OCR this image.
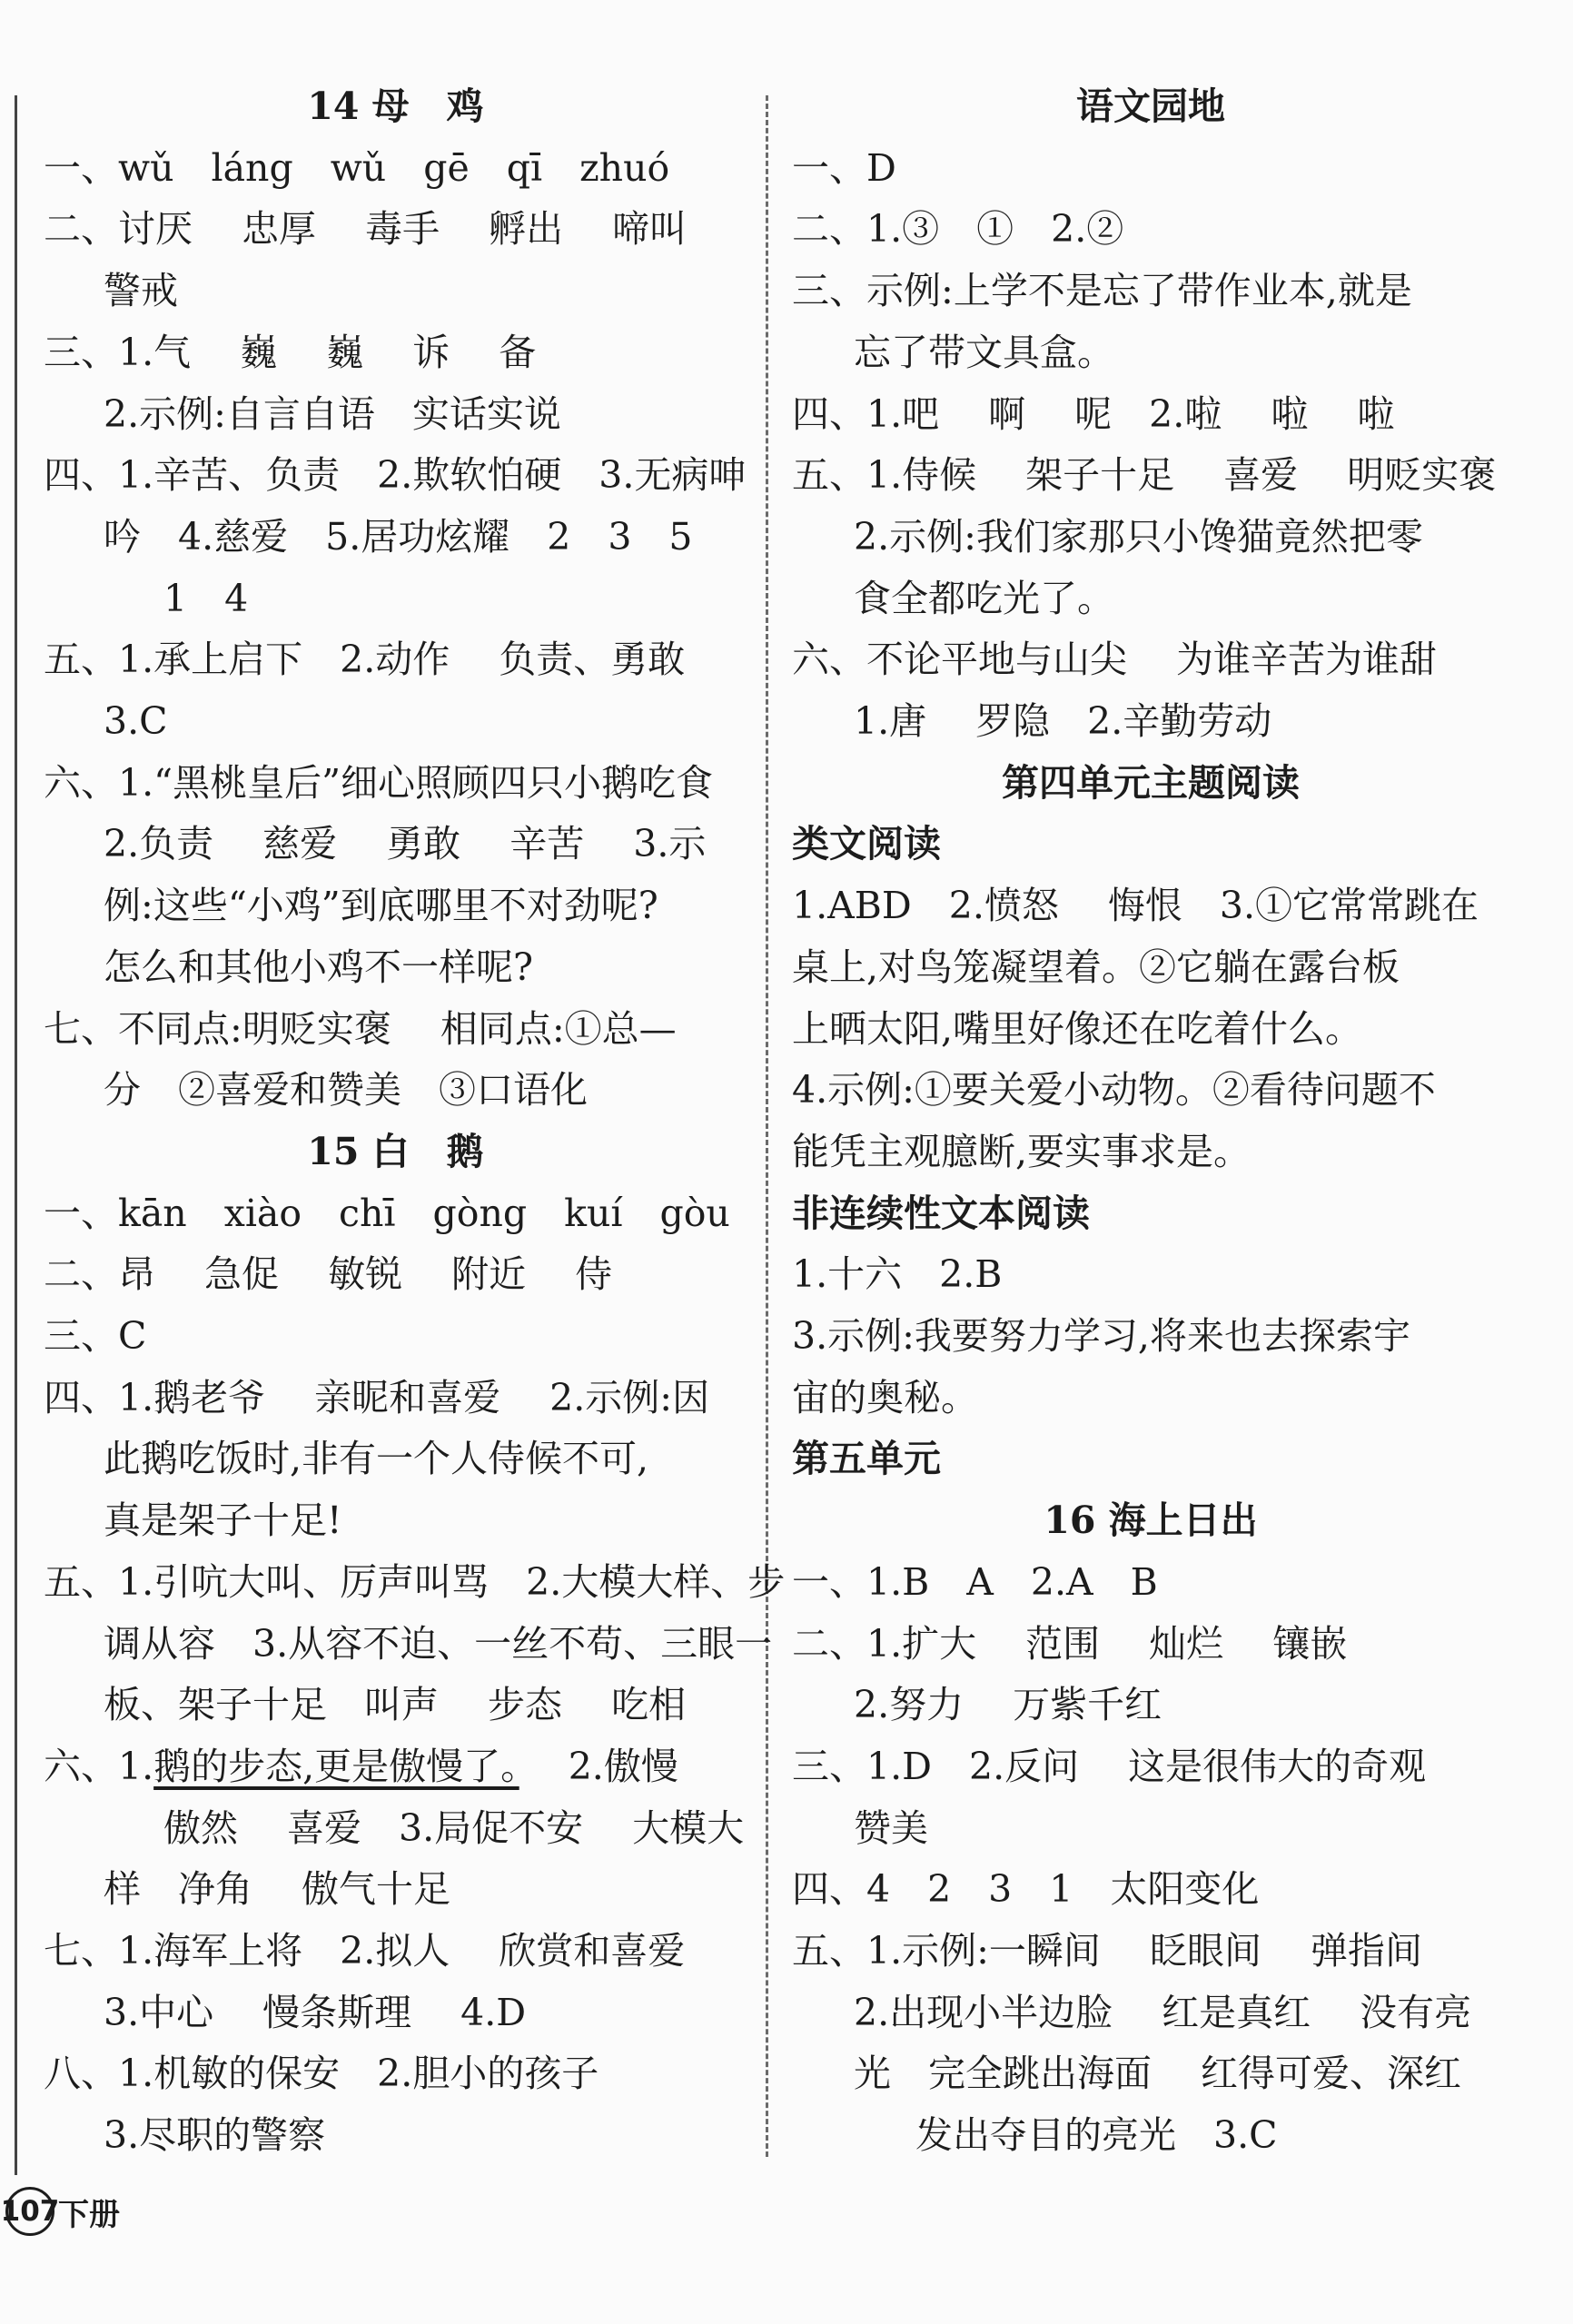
14 母　鸡
一、wǔ　láng　wǔ　gē　qī　zhuó
二、讨厌　 忠厚　 毒手　 孵出　 啼叫
警戒
三、1.气　 巍　 巍　 诉　 备
2.示例:自言自语　实话实说
四、1.辛苦、负责　2.欺软怕硬　3.无病呻
吟　4.慈爱　5.居功炫耀　2　3　5
1　4
五、1.承上启下　2.动作　 负责、勇敢
3.C
六、1.“黑桃皇后”细心照顾四只小鹅吃食
2.负责　 慈爱　 勇敢　 辛苦　 3.示
例:这些“小鸡”到底哪里不对劲呢?
怎么和其他小鸡不一样呢?
七、不同点:明贬实褒　 相同点:①总—
分　②喜爱和赞美　③口语化
15 白　鹅
一、kān　xiào　chī　gòng　kuí　gòu
二、昂　 急促　 敏锐　 附近　 侍
三、C
四、1.鹅老爷　 亲昵和喜爱　 2.示例:因
此鹅吃饭时,非有一个人侍候不可,
真是架子十足!
五、1.引吭大叫、厉声叫骂　2.大模大样、步
调从容　3.从容不迫、一丝不苟、三眼一
板、架子十足　叫声　 步态　 吃相
六、1.鹅的步态,更是傲慢了。　 2.傲慢
傲然　 喜爱　3.局促不安　 大模大
样　净角　 傲气十足
七、1.海军上将　2.拟人　 欣赏和喜爱
3.中心　 慢条斯理　 4.D
八、1.机敏的保安　2.胆小的孩子
3.尽职的警察
语文园地
一、D
二、1.③　①　2.②
三、示例:上学不是忘了带作业本,就是
忘了带文具盒。
四、1.吧　 啊　 呢　2.啦　 啦　 啦
五、1.侍候　 架子十足　 喜爱　 明贬实褒
2.示例:我们家那只小馋猫竟然把零
食全都吃光了。
六、不论平地与山尖　 为谁辛苦为谁甜
1.唐　 罗隐　2.辛勤劳动
第四单元主题阅读
类文阅读
1.ABD　2.愤怒　 悔恨　3.①它常常跳在
桌上,对鸟笼凝望着。②它躺在露台板
上晒太阳,嘴里好像还在吃着什么。
4.示例:①要关爱小动物。②看待问题不
能凭主观臆断,要实事求是。
非连续性文本阅读
1.十六　2.B
3.示例:我要努力学习,将来也去探索宇
宙的奥秘。
第五单元
16 海上日出
一、1.B　A　2.A　B
二、1.扩大　 范围　 灿烂　 镶嵌
2.努力　 万紫千红
三、1.D　2.反问　 这是很伟大的奇观
赞美
四、4　2　3　1　太阳变化
五、1.示例:一瞬间　 眨眼间　 弹指间
2.出现小半边脸　 红是真红　 没有亮
光　完全跳出海面　 红得可爱、深红
发出夺目的亮光　3.C
107
下册
